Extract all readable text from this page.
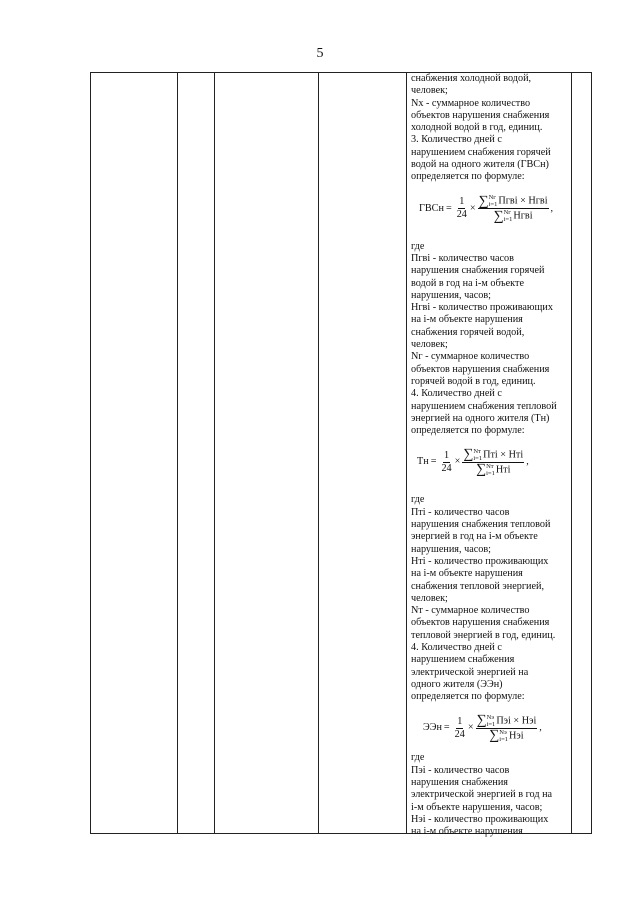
5
снабжения холодной водой,
человек;
Nх - суммарное количество
объектов нарушения снабжения
холодной водой в год, единиц.
3. Количество дней с
нарушением снабжения горячей
водой на одного жителя (ГВСн)
определяется по формуле:
ГВСн = $\frac{1}{24}$ × ∑ Nг
i=1 Пгвi × Нгвi
∑ Nг
i=1 Нгвi
,
где
Пгвi - количество часов
нарушения снабжения горячей
водой в год на i-м объекте
нарушения, часов;
Нгвi - количество проживающих
на i-м объекте нарушения
снабжения горячей водой,
человек;
Nг - суммарное количество
объектов нарушения снабжения
горячей водой в год, единиц.
4. Количество дней с
нарушением снабжения тепловой
энергией на одного жителя (Тн)
определяется по формуле:
Тн = $\frac{1}{24}$ × ∑ Nт
i=1 Птi × Нтi
∑ Nт
i=1 Нтi
,
где
Птi - количество часов
нарушения снабжения тепловой
энергией в год на i-м объекте
нарушения, часов;
Нтi - количество проживающих
на i-м объекте нарушения
снабжения тепловой энергией,
человек;
Nт - суммарное количество
объектов нарушения снабжения
тепловой энергией в год, единиц.
4. Количество дней с
нарушением снабжения
электрической энергией на
одного жителя (ЭЭн)
определяется по формуле:
ЭЭн = $\frac{1}{24}$ × ∑ Nэ
i=1 Пэi × Нэi
∑ Nэ
i=1 Нэi
,
где
Пэi - количество часов
нарушения снабжения
электрической энергией в год на
i-м объекте нарушения, часов;
Нэi - количество проживающих
на i-м объекте нарушения
